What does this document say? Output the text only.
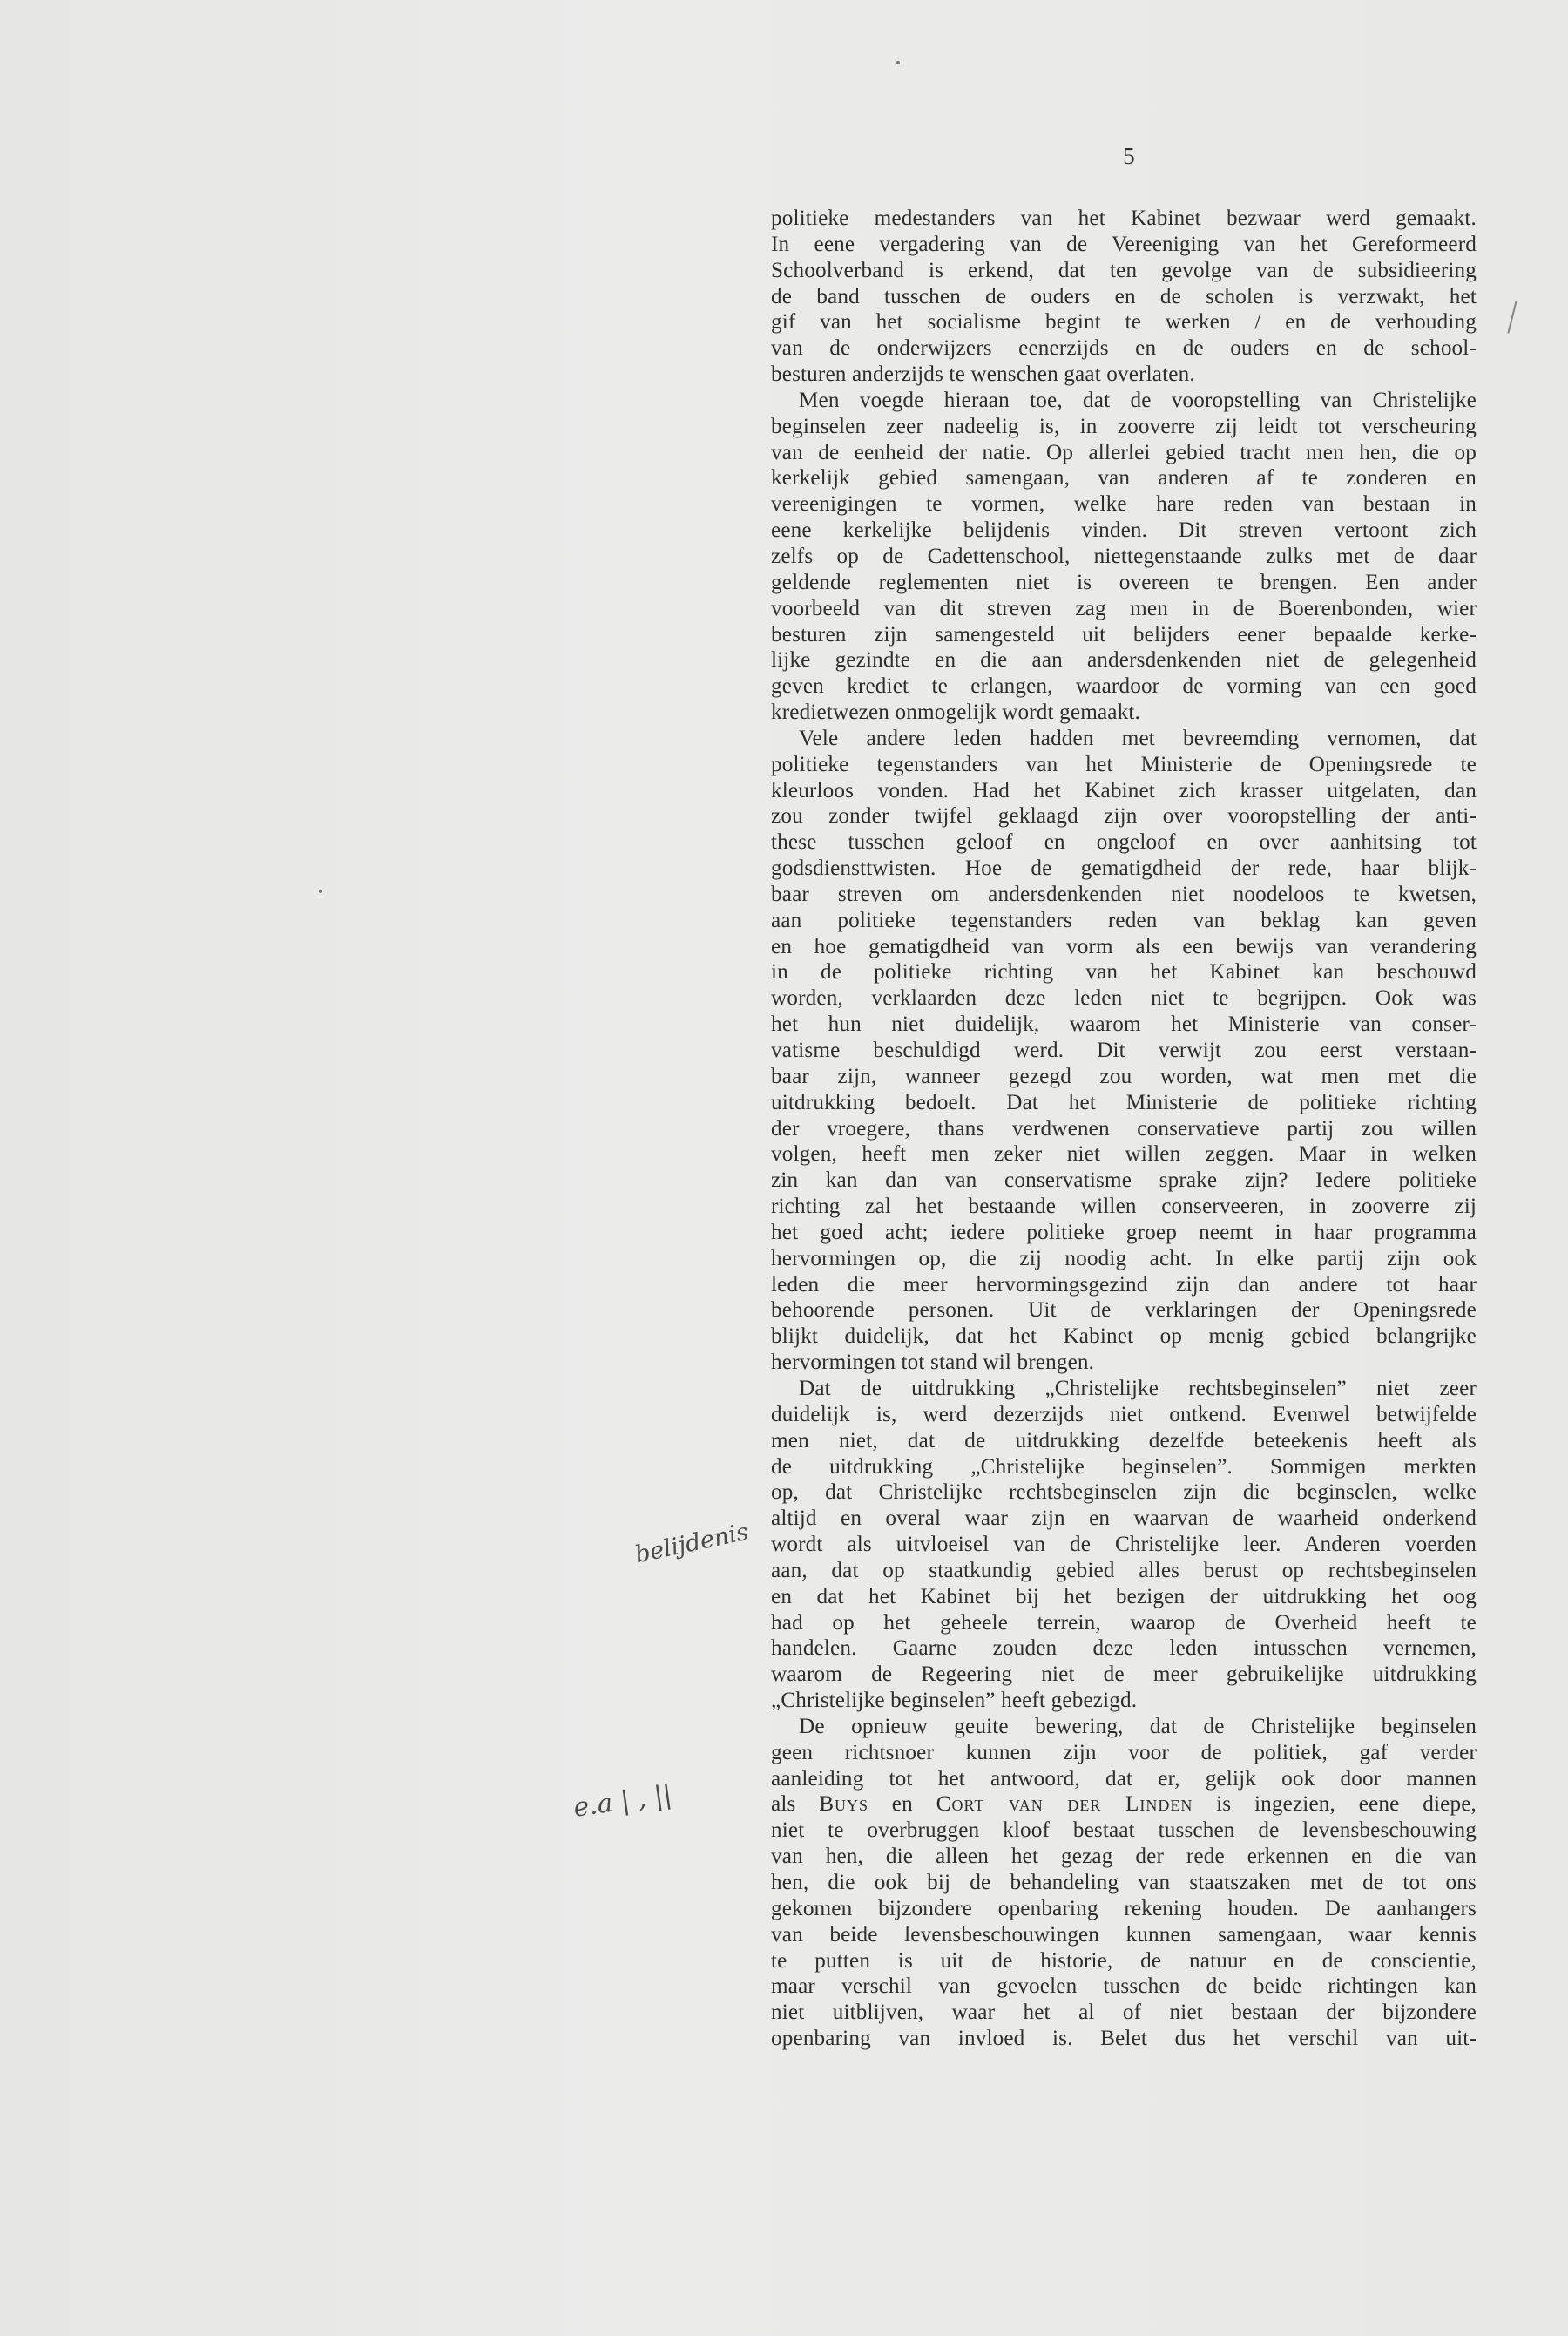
5
politieke medestanders van het Kabinet bezwaar werd gemaakt.
In eene vergadering van de Vereeniging van het Gereformeerd
Schoolverband is erkend, dat ten gevolge van de subsidieering
de band tusschen de ouders en de scholen is verzwakt, het
gif van het socialisme begint te werken / en de verhouding
van de onderwijzers eenerzijds en de ouders en de school-
besturen anderzijds te wenschen gaat overlaten.
Men voegde hieraan toe, dat de vooropstelling van Christelijke
beginselen zeer nadeelig is, in zooverre zij leidt tot verscheuring
van de eenheid der natie. Op allerlei gebied tracht men hen, die op
kerkelijk gebied samengaan, van anderen af te zonderen en
vereenigingen te vormen, welke hare reden van bestaan in
eene kerkelijke belijdenis vinden. Dit streven vertoont zich
zelfs op de Cadettenschool, niettegenstaande zulks met de daar
geldende reglementen niet is overeen te brengen. Een ander
voorbeeld van dit streven zag men in de Boerenbonden, wier
besturen zijn samengesteld uit belijders eener bepaalde kerke-
lijke gezindte en die aan andersdenkenden niet de gelegenheid
geven krediet te erlangen, waardoor de vorming van een goed
kredietwezen onmogelijk wordt gemaakt.
Vele andere leden hadden met bevreemding vernomen, dat
politieke tegenstanders van het Ministerie de Openingsrede te
kleurloos vonden. Had het Kabinet zich krasser uitgelaten, dan
zou zonder twijfel geklaagd zijn over vooropstelling der anti-
these tusschen geloof en ongeloof en over aanhitsing tot
godsdiensttwisten. Hoe de gematigdheid der rede, haar blijk-
baar streven om andersdenkenden niet noodeloos te kwetsen,
aan politieke tegenstanders reden van beklag kan geven
en hoe gematigdheid van vorm als een bewijs van verandering
in de politieke richting van het Kabinet kan beschouwd
worden, verklaarden deze leden niet te begrijpen. Ook was
het hun niet duidelijk, waarom het Ministerie van conser-
vatisme beschuldigd werd. Dit verwijt zou eerst verstaan-
baar zijn, wanneer gezegd zou worden, wat men met die
uitdrukking bedoelt. Dat het Ministerie de politieke richting
der vroegere, thans verdwenen conservatieve partij zou willen
volgen, heeft men zeker niet willen zeggen. Maar in welken
zin kan dan van conservatisme sprake zijn? Iedere politieke
richting zal het bestaande willen conserveeren, in zooverre zij
het goed acht; iedere politieke groep neemt in haar programma
hervormingen op, die zij noodig acht. In elke partij zijn ook
leden die meer hervormingsgezind zijn dan andere tot haar
behoorende personen. Uit de verklaringen der Openingsrede
blijkt duidelijk, dat het Kabinet op menig gebied belangrijke
hervormingen tot stand wil brengen.
Dat de uitdrukking „Christelijke rechtsbeginselen” niet zeer
duidelijk is, werd dezerzijds niet ontkend. Evenwel betwijfelde
men niet, dat de uitdrukking dezelfde beteekenis heeft als
de uitdrukking „Christelijke beginselen”. Sommigen merkten
op, dat Christelijke rechtsbeginselen zijn die beginselen, welke
altijd en overal waar zijn en waarvan de waarheid onderkend
wordt als uitvloeisel van de Christelijke leer. Anderen voerden
aan, dat op staatkundig gebied alles berust op rechtsbeginselen
en dat het Kabinet bij het bezigen der uitdrukking het oog
had op het geheele terrein, waarop de Overheid heeft te
handelen. Gaarne zouden deze leden intusschen vernemen,
waarom de Regeering niet de meer gebruikelijke uitdrukking
„Christelijke beginselen” heeft gebezigd.
De opnieuw geuite bewering, dat de Christelijke beginselen
geen richtsnoer kunnen zijn voor de politiek, gaf verder
aanleiding tot het antwoord, dat er, gelijk ook door mannen
als Buys en Cort van der Linden is ingezien, eene diepe,
niet te overbruggen kloof bestaat tusschen de levensbeschouwing
van hen, die alleen het gezag der rede erkennen en die van
hen, die ook bij de behandeling van staatszaken met de tot ons
gekomen bijzondere openbaring rekening houden. De aanhangers
van beide levensbeschouwingen kunnen samengaan, waar kennis
te putten is uit de historie, de natuur en de conscientie,
maar verschil van gevoelen tusschen de beide richtingen kan
niet uitblijven, waar het al of niet bestaan der bijzondere
openbaring van invloed is. Belet dus het verschil van uit-
belijdenis
e.a | , ||
